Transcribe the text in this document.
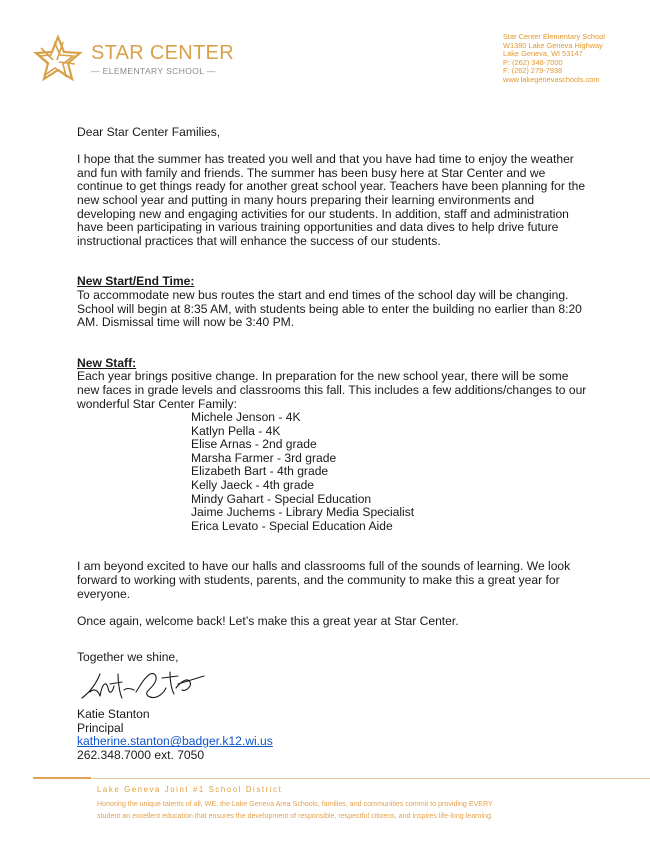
STAR CENTER
— ELEMENTARY SCHOOL —
Star Center Elementary School
W1380 Lake Geneva Highway
Lake Geneva, WI 53147
P: (262) 348-7000
F: (262) 279-7938
www.lakegenevaschools.com

Dear Star Center Families,

I hope that the summer has treated you well and that you have had time to enjoy the weather

and fun with family and friends. The summer has been busy here at Star Center and we

continue to get things ready for another great school year. Teachers have been planning for the

new school year and putting in many hours preparing their learning environments and

developing new and engaging activities for our students. In addition, staff and administration

have been participating in various training opportunities and data dives to help drive future

instructional practices that will enhance the success of our students.

New Start/End Time:

To accommodate new bus routes the start and end times of the school day will be changing.

School will begin at 8:35 AM, with students being able to enter the building no earlier than 8:20

AM. Dismissal time will now be 3:40 PM.

New Staff:

Each year brings positive change. In preparation for the new school year, there will be some

new faces in grade levels and classrooms this fall. This includes a few additions/changes to our

wonderful Star Center Family:

Michele Jenson - 4K

Katlyn Pella - 4K

Elise Arnas - 2nd grade

Marsha Farmer - 3rd grade

Elizabeth Bart - 4th grade

Kelly Jaeck - 4th grade

Mindy Gahart - Special Education

Jaime Juchems - Library Media Specialist

Erica Levato - Special Education Aide

I am beyond excited to have our halls and classrooms full of the sounds of learning. We look

forward to working with students, parents, and the community to make this a great year for

everyone.

Once again, welcome back! Let’s make this a great year at Star Center.

Together we shine,
Katie Stanton
Principal
katherine.stanton@badger.k12.wi.us
262.348.7000 ext. 7050
Lake Geneva Joint #1 School District
Honoring the unique talents of all, WE, the Lake Geneva Area Schools, families, and communities commit to providing EVERY
student an excellent education that ensures the development of responsible, respectful citizens, and inspires life-long learning.
